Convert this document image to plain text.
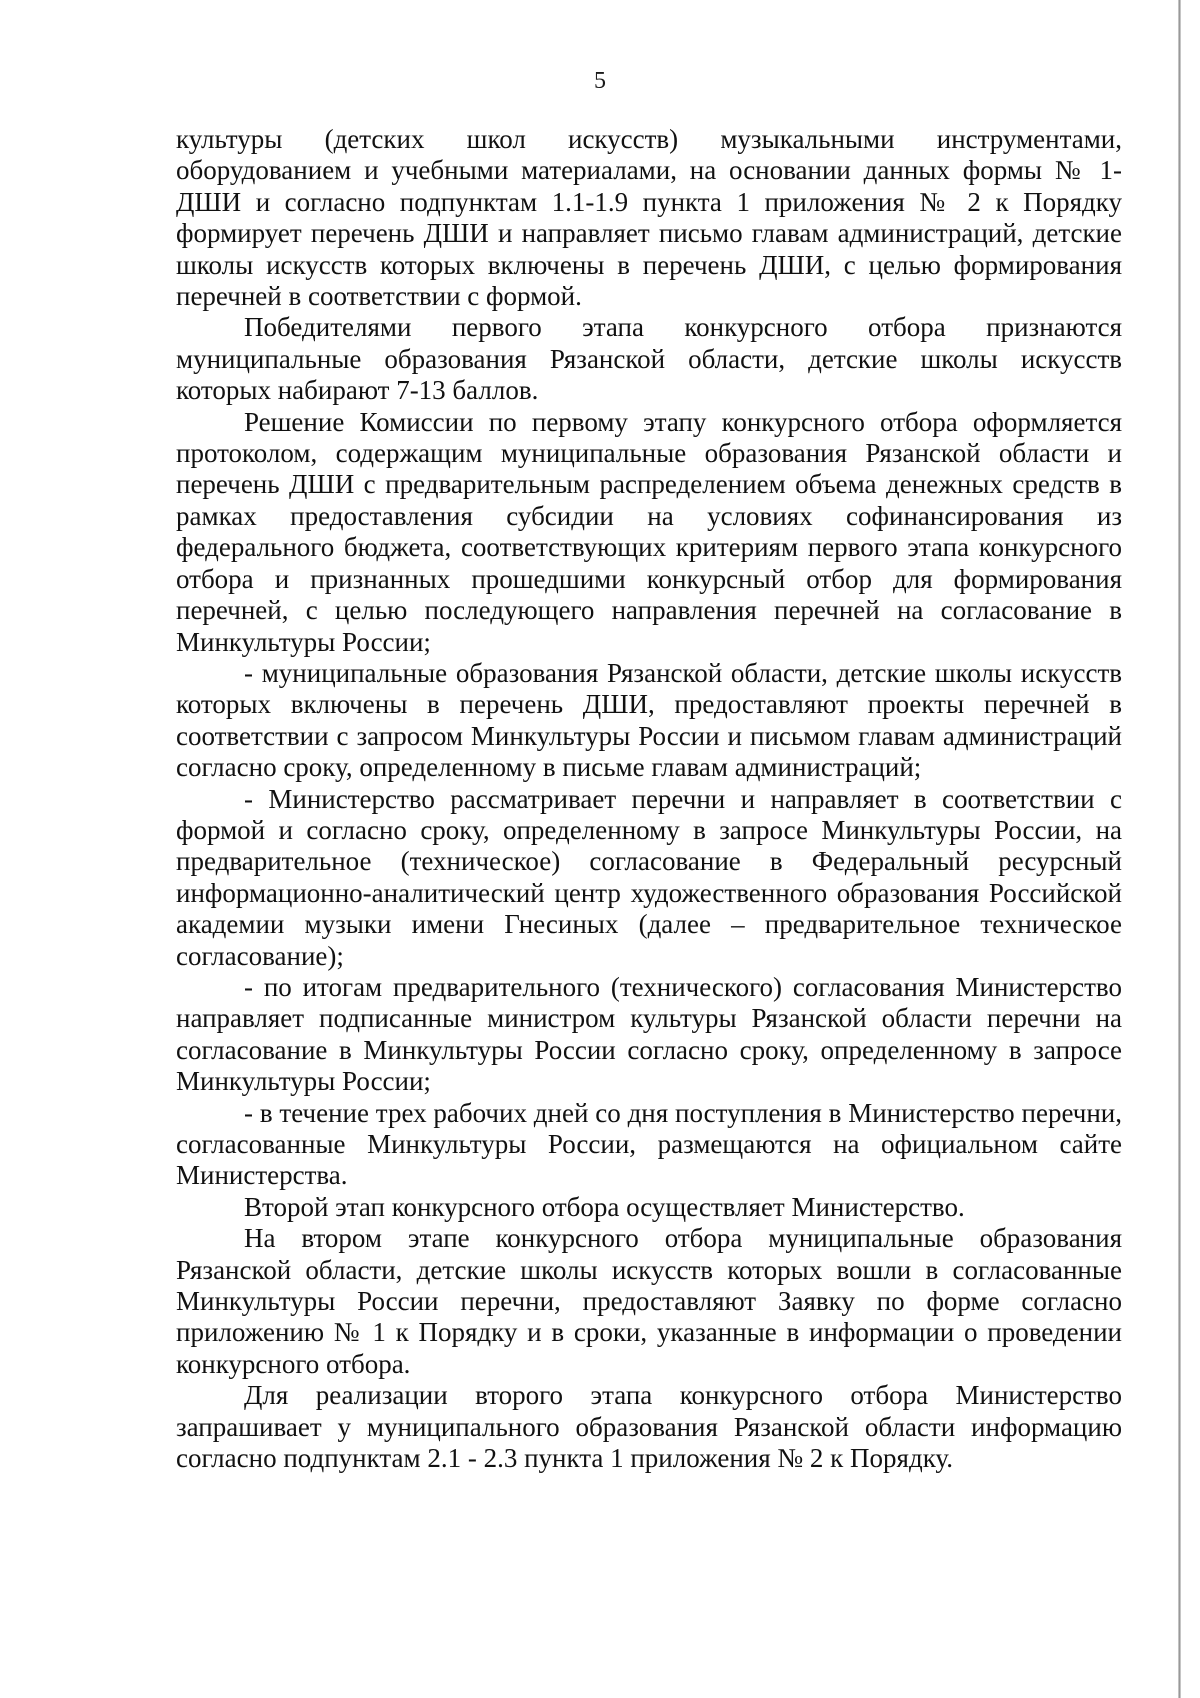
5

культуры (детских школ искусств) музыкальными инструментами, оборудованием и учебными материалами, на основании данных формы № 1-ДШИ и согласно подпунктам 1.1-1.9 пункта 1 приложения № 2 к Порядку формирует перечень ДШИ и направляет письмо главам администраций, детские школы искусств которых включены в перечень ДШИ, с целью формирования перечней в соответствии с формой.

Победителями первого этапа конкурсного отбора признаются муниципальные образования Рязанской области, детские школы искусств которых набирают 7-13 баллов.

Решение Комиссии по первому этапу конкурсного отбора оформляется протоколом, содержащим муниципальные образования Рязанской области и перечень ДШИ с предварительным распределением объема денежных средств в рамках предоставления субсидии на условиях софинансирования из федерального бюджета, соответствующих критериям первого этапа конкурсного отбора и признанных прошедшими конкурсный отбор для формирования перечней, с целью последующего направления перечней на согласование в Минкультуры России;

- муниципальные образования Рязанской области, детские школы искусств которых включены в перечень ДШИ, предоставляют проекты перечней в соответствии с запросом Минкультуры России и письмом главам администраций согласно сроку, определенному в письме главам администраций;

- Министерство рассматривает перечни и направляет в соответствии с формой и согласно сроку, определенному в запросе Минкультуры России, на предварительное (техническое) согласование в Федеральный ресурсный информационно-аналитический центр художественного образования Российской академии музыки имени Гнесиных (далее – предварительное техническое согласование);

- по итогам предварительного (технического) согласования Министерство направляет подписанные министром культуры Рязанской области перечни на согласование в Минкультуры России согласно сроку, определенному в запросе Минкультуры России;

- в течение трех рабочих дней со дня поступления в Министерство перечни, согласованные Минкультуры России, размещаются на официальном сайте Министерства.

Второй этап конкурсного отбора осуществляет Министерство.

На втором этапе конкурсного отбора муниципальные образования Рязанской области, детские школы искусств которых вошли в согласованные Минкультуры России перечни, предоставляют Заявку по форме согласно приложению № 1 к Порядку и в сроки, указанные в информации о проведении конкурсного отбора.

Для реализации второго этапа конкурсного отбора Министерство запрашивает у муниципального образования Рязанской области информацию согласно подпунктам 2.1 - 2.3 пункта 1 приложения № 2 к Порядку.
